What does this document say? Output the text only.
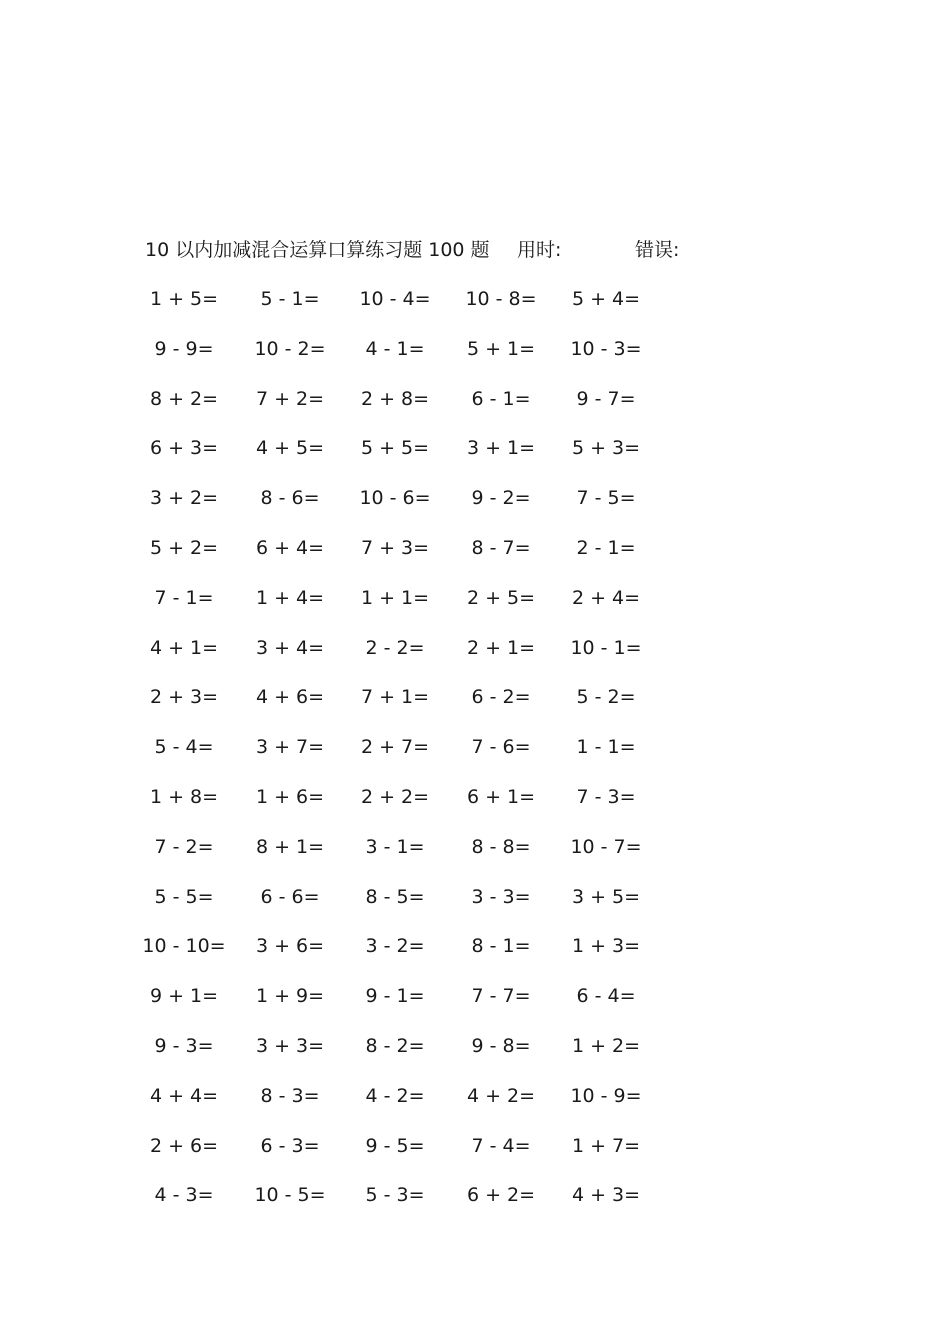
10 以内加减混合运算口算练习题 100 题 用时:	错误:
1 + 5=	5 - 1=	10 - 4=	10 - 8=	5 + 4=
9 - 9=	10 - 2=	4 - 1=	5 + 1=	10 - 3=
8 + 2=	7 + 2=	2 + 8=	6 - 1=	9 - 7=
6 + 3=	4 + 5=	5 + 5=	3 + 1=	5 + 3=
3 + 2=	8 - 6=	10 - 6=	9 - 2=	7 - 5=
5 + 2=	6 + 4=	7 + 3=	8 - 7=	2 - 1=
7 - 1=	1 + 4=	1 + 1=	2 + 5=	2 + 4=
4 + 1=	3 + 4=	2 - 2=	2 + 1=	10 - 1=
2 + 3=	4 + 6=	7 + 1=	6 - 2=	5 - 2=
5 - 4=	3 + 7=	2 + 7=	7 - 6=	1 - 1=
1 + 8=	1 + 6=	2 + 2=	6 + 1=	7 - 3=
7 - 2=	8 + 1=	3 - 1=	8 - 8=	10 - 7=
5 - 5=	6 - 6=	8 - 5=	3 - 3=	3 + 5=
10 - 10=	3 + 6=	3 - 2=	8 - 1=	1 + 3=
9 + 1=	1 + 9=	9 - 1=	7 - 7=	6 - 4=
9 - 3=	3 + 3=	8 - 2=	9 - 8=	1 + 2=
4 + 4=	8 - 3=	4 - 2=	4 + 2=	10 - 9=
2 + 6=	6 - 3=	9 - 5=	7 - 4=	1 + 7=
4 - 3=	10 - 5=	5 - 3=	6 + 2=	4 + 3=
